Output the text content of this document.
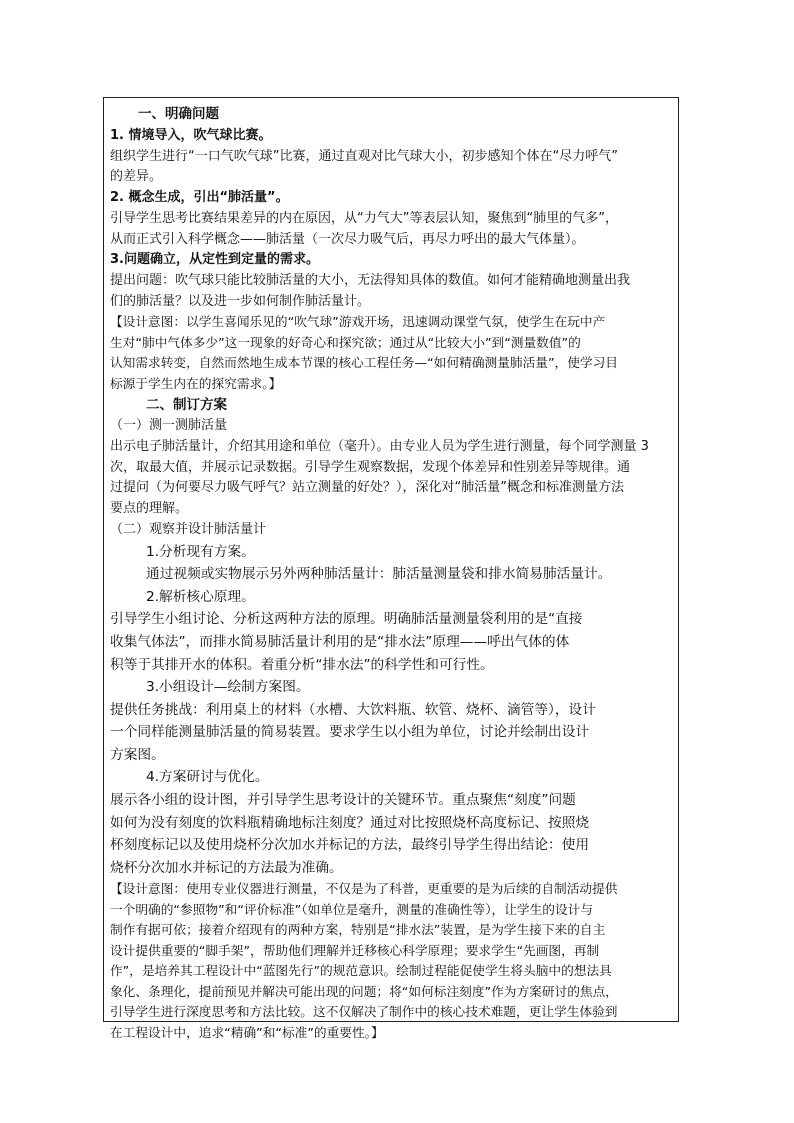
一、明确问题
1. 情境导入，吹气球比赛。
组织学生进行“一口气吹气球”比赛，通过直观对比气球大小，初步感知个体在“尽力呼气”
的差异。
2. 概念生成，引出“肺活量”。
引导学生思考比赛结果差异的内在原因，从“力气大”等表层认知，聚焦到“肺里的气多”，
从而正式引入科学概念——肺活量（一次尽力吸气后，再尽力呼出的最大气体量）。
3.问题确立，从定性到定量的需求。
提出问题：吹气球只能比较肺活量的大小，无法得知具体的数值。如何才能精确地测量出我
们的肺活量？以及进一步如何制作肺活量计。
【设计意图：以学生喜闻乐见的“吹气球”游戏开场，迅速调动课堂气氛，使学生在玩中产
生对“肺中气体多少”这一现象的好奇心和探究欲；通过从“比较大小”到“测量数值”的
认知需求转变，自然而然地生成本节课的核心工程任务—“如何精确测量肺活量”，使学习目
标源于学生内在的探究需求。】
二、制订方案
（一）测一测肺活量
出示电子肺活量计，介绍其用途和单位（毫升）。由专业人员为学生进行测量，每个同学测量 3
次，取最大值，并展示记录数据。引导学生观察数据，发现个体差异和性别差异等规律。通
过提问（为何要尽力吸气呼气？站立测量的好处？），深化对“肺活量”概念和标准测量方法
要点的理解。
（二）观察并设计肺活量计
1.分析现有方案。
通过视频或实物展示另外两种肺活量计：肺活量测量袋和排水简易肺活量计。
2.解析核心原理。
引导学生小组讨论、分析这两种方法的原理。明确肺活量测量袋利用的是“直接
收集气体法”，而排水简易肺活量计利用的是“排水法”原理——呼出气体的体
积等于其排开水的体积。着重分析“排水法”的科学性和可行性。
3.小组设计—绘制方案图。
提供任务挑战：利用桌上的材料（水槽、大饮料瓶、软管、烧杯、滴管等），设计
一个同样能测量肺活量的简易装置。要求学生以小组为单位，讨论并绘制出设计
方案图。
4.方案研讨与优化。
展示各小组的设计图，并引导学生思考设计的关键环节。重点聚焦“刻度”问题
如何为没有刻度的饮料瓶精确地标注刻度？通过对比按照烧杯高度标记、按照烧
杯刻度标记以及使用烧杯分次加水并标记的方法，最终引导学生得出结论：使用
烧杯分次加水并标记的方法最为准确。
【设计意图：使用专业仪器进行测量，不仅是为了科普，更重要的是为后续的自制活动提供
一个明确的“参照物”和“评价标准”（如单位是毫升，测量的准确性等），让学生的设计与
制作有据可依；接着介绍现有的两种方案，特别是“排水法”装置，是为学生接下来的自主
设计提供重要的“脚手架”，帮助他们理解并迁移核心科学原理；要求学生“先画图，再制
作”，是培养其工程设计中“蓝图先行”的规范意识。绘制过程能促使学生将头脑中的想法具
象化、条理化，提前预见并解决可能出现的问题；将“如何标注刻度”作为方案研讨的焦点，
引导学生进行深度思考和方法比较。这不仅解决了制作中的核心技术难题，更让学生体验到
在工程设计中，追求“精确”和“标准”的重要性。】
